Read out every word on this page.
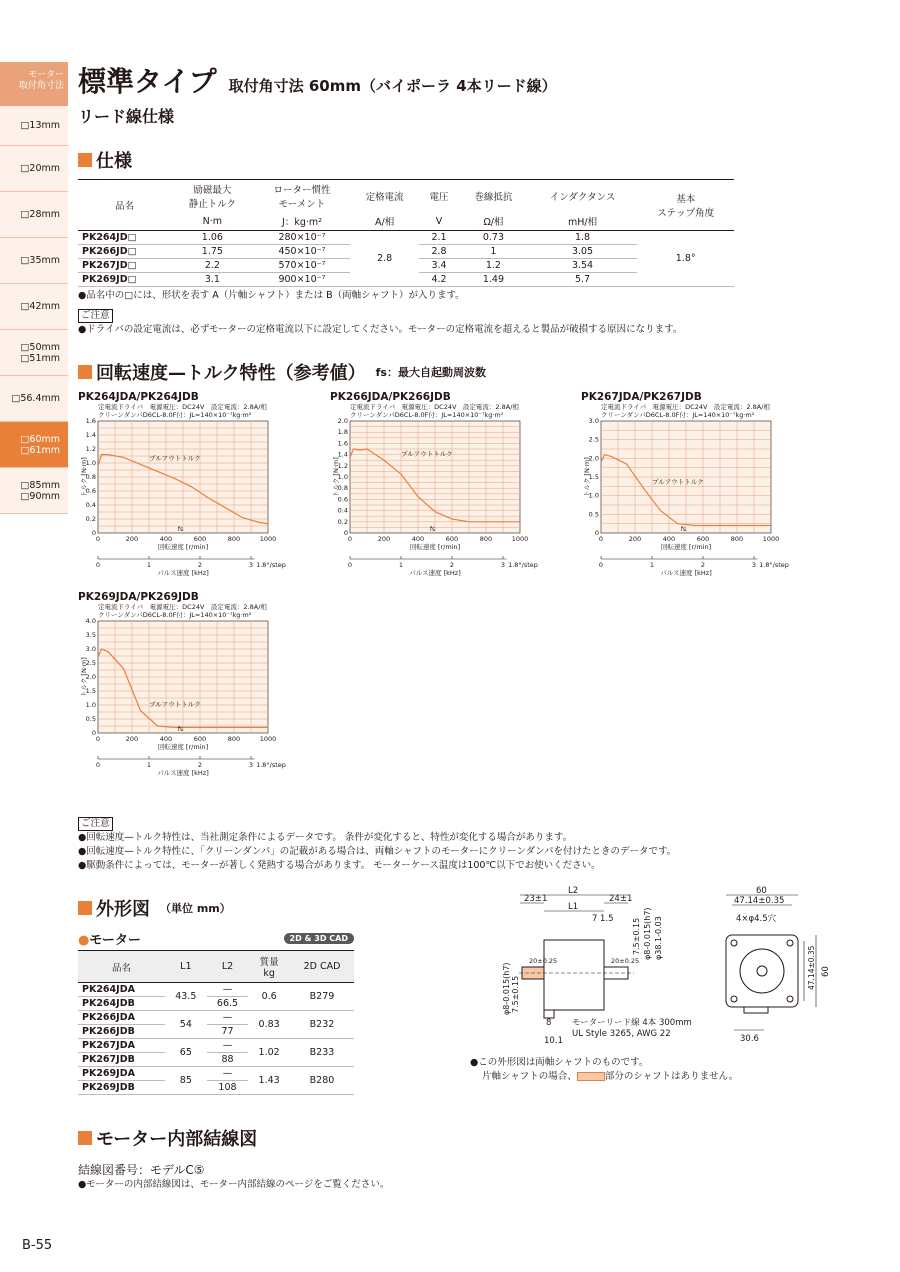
モーター
取付角寸法
□13mm
□20mm
□28mm
□35mm
□42mm
□50mm
□51mm
□56.4mm
□60mm
□61mm
□85mm
□90mm
標準タイプ 取付角寸法 60mm（バイポーラ 4本リード線）
リード線仕様
仕様
品名	励磁最大
静止トルク	ローター慣性
モーメント	定格電流	電圧	巻線抵抗	インダクタンス	基本
ステップ角度
	N·m	J：kg·m²	A/相	V	Ω/相	mH/相	
PK264JD□	1.06	280×10⁻⁷	2.8	2.1	0.73	1.8	1.8°
PK266JD□	1.75	450×10⁻⁷		2.8	1	3.05	
PK267JD□	2.2	570×10⁻⁷		3.4	1.2	3.54	
PK269JD□	3.1	900×10⁻⁷		4.2	1.49	5.7	
●品名中の□には、形状を表す A（片軸シャフト）または B（両軸シャフト）が入ります。
ご注意
●ドライバの設定電流は、必ずモーターの定格電流以下に設定してください。モーターの定格電流を超えると製品が破損する原因になります。
回転速度—トルク特性（参考値） fs：最大自起動周波数
PK264JDA/PK264JDB
定電流ドライバ　電源電圧：DC24V　設定電流：2.8A/相
クリーンダンパD6CL-8.0F付：JL=140×10⁻⁷kg·m²
0
0.2
0.4
0.6
0.8
1.0
1.2
1.4
1.6
0	200	400	600	800	1000
回転速度 [r/min]
トルク [N·m]	プルアウトトルク
fs
0	1	2	3 1.8°/step
パルス速度 [kHz]
PK266JDA/PK266JDB
定電流ドライバ　電源電圧：DC24V　設定電流：2.8A/相
クリーンダンパD6CL-8.0F付：JL=140×10⁻⁷kg·m²
0
0.2
0.4
0.6
0.8
1.0
1.2
1.4
1.6
1.8
2.0
0	200	400	600	800	1000
回転速度 [r/min]
トルク [N·m]
プルアウトトルク
fs
0	1	2	3 1.8°/step
パルス速度 [kHz]
PK267JDA/PK267JDB
定電流ドライバ　電源電圧：DC24V　設定電流：2.8A/相
クリーンダンパD6CL-8.0F付：JL=140×10⁻⁷kg·m²
0
0.5
1.0
1.5
2.0
2.5
3.0
0	200	400	600	800	1000
回転速度 [r/min]
トルク [N·m]	プルアウトトルク
fs
0	1	2	3 1.8°/step
パルス速度 [kHz]
PK269JDA/PK269JDB
定電流ドライバ　電源電圧：DC24V　設定電流：2.8A/相
クリーンダンパD6CL-8.0F付：JL=140×10⁻⁷kg·m²
0
0.5
1.0
1.5
2.0
2.5
3.0
3.5
4.0
0	200	400	600	800	1000
回転速度 [r/min]
トルク [N·m]
プルアウトトルク
fs
0	1	2	3 1.8°/step
パルス速度 [kHz]
ご注意
●回転速度—トルク特性は、当社測定条件によるデータです。 条件が変化すると、特性が変化する場合があります。
●回転速度—トルク特性に、「クリーンダンパ」の記載がある場合は、両軸シャフトのモーターにクリーンダンパを付けたときのデータです。
●駆動条件によっては、モーターが著しく発熱する場合があります。 モーターケース温度は100℃以下でお使いください。
外形図 （単位 mm）
●モーター	2D & 3D CAD
品名	L1	L2	質量
kg	2D CAD
PK264JDA	43.5	—	0.6	B279
PK264JDB		66.5		
PK266JDA	54	—	0.83	B232
PK266JDB		77		
PK267JDA	65	—	1.02	B233
PK267JDB		88		
PK269JDA	85	—	1.43	B280
PK269JDB		108		
L2
24±1
23±1
L1
7 1.5
20±0.25	20±0.25
φ8-0.015(h7) 7.5±0.15
7.5±0.15 φ8-0.015(h7) φ38.1-0.03
60
47.14±0.35
4×φ4.5穴
47.14±0.35 60
30.6
8
10.1
モーターリード線 4本 300mm
UL Style 3265, AWG 22
●この外形図は両軸シャフトのものです。
片軸シャフトの場合、	部分のシャフトはありません。
モーター内部結線図
結線図番号：モデルC⑤
●モーターの内部結線図は、モーター内部結線のページをご覧ください。
B-55
